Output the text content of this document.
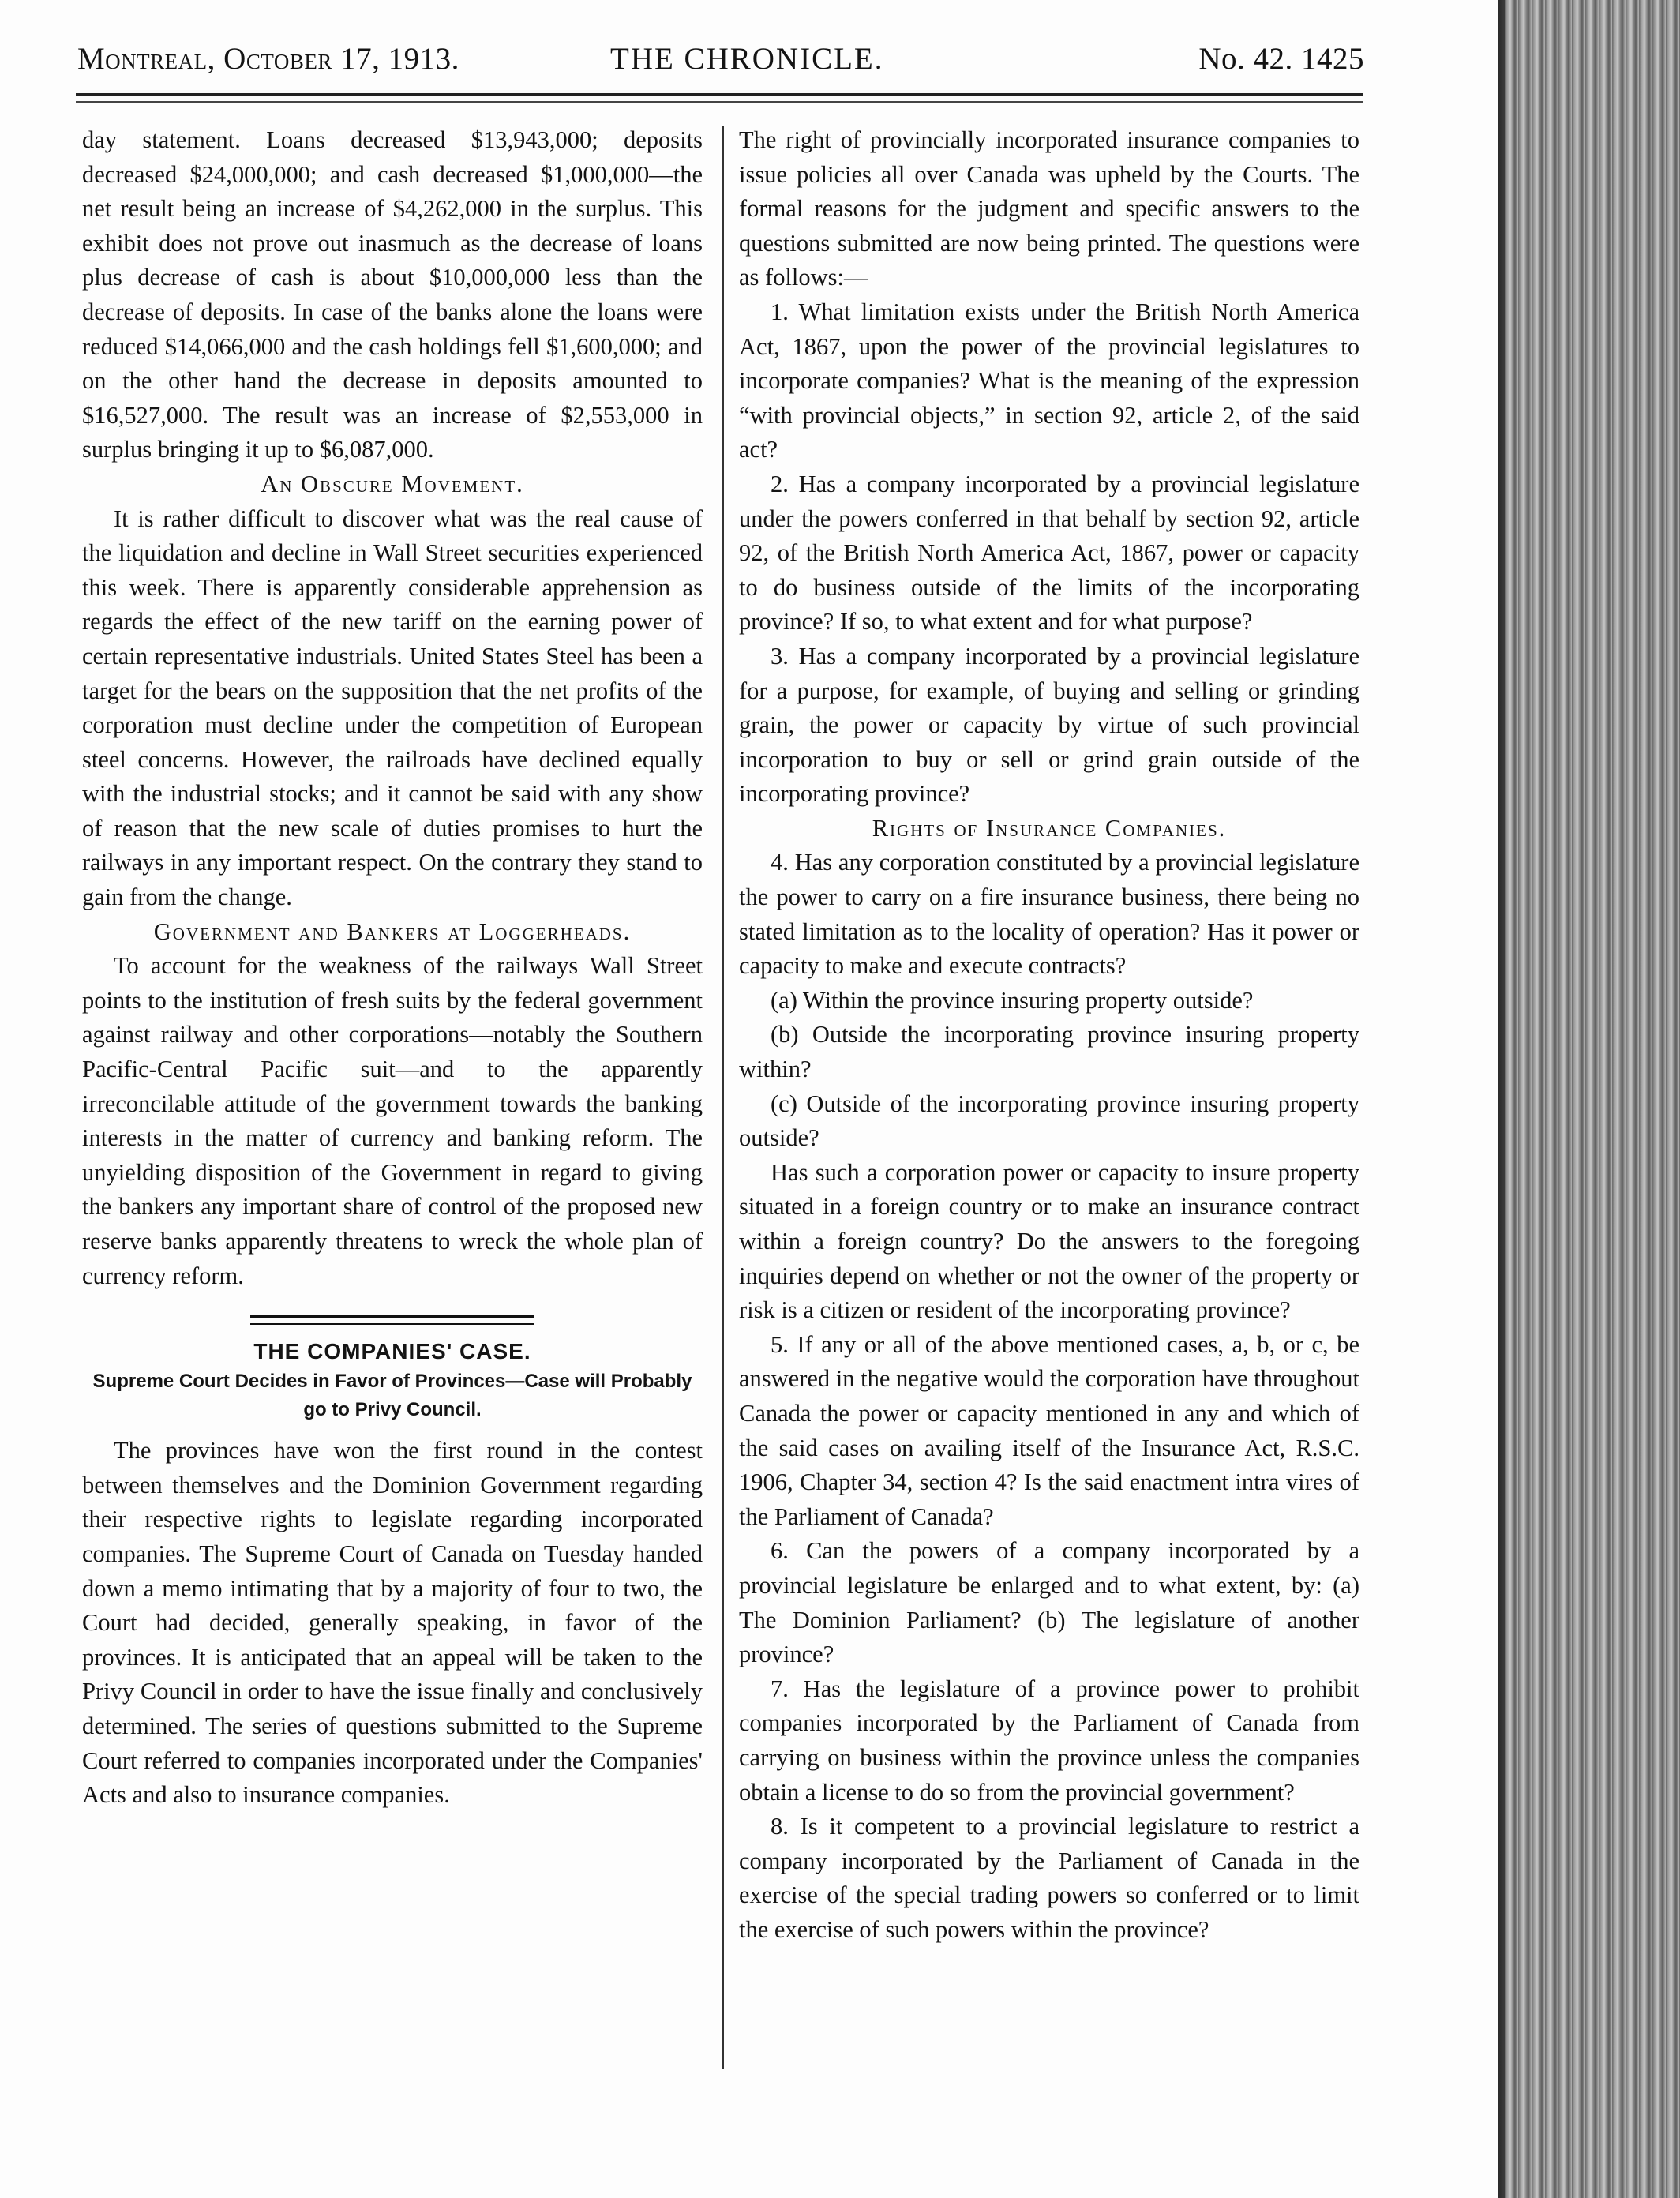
Montreal, October 17, 1913.	THE CHRONICLE.	No. 42. 1425

day statement. Loans decreased $13,943,000; deposits decreased $24,000,000; and cash decreased $1,000,000—the net result being an increase of $4,262,000 in the surplus. This exhibit does not prove out inasmuch as the decrease of loans plus decrease of cash is about $10,000,000 less than the decrease of deposits. In case of the banks alone the loans were reduced $14,066,000 and the cash holdings fell $1,600,000; and on the other hand the decrease in deposits amounted to $16,527,000. The result was an increase of $2,553,000 in surplus bringing it up to $6,087,000.

An Obscure Movement.

It is rather difficult to discover what was the real cause of the liquidation and decline in Wall Street securities experienced this week. There is apparently considerable apprehension as regards the effect of the new tariff on the earning power of certain representative industrials. United States Steel has been a target for the bears on the supposition that the net profits of the corporation must decline under the competition of European steel concerns. However, the railroads have declined equally with the industrial stocks; and it cannot be said with any show of reason that the new scale of duties promises to hurt the railways in any important respect. On the contrary they stand to gain from the change.

Government and Bankers at Loggerheads.

To account for the weakness of the railways Wall Street points to the institution of fresh suits by the federal government against railway and other corporations—notably the Southern Pacific-Central Pacific suit—and to the apparently irreconcilable attitude of the government towards the banking interests in the matter of currency and banking reform. The unyielding disposition of the Government in regard to giving the bankers any important share of control of the proposed new reserve banks apparently threatens to wreck the whole plan of currency reform.

THE COMPANIES' CASE.
Supreme Court Decides in Favor of Provinces—Case will Probably go to Privy Council.

The provinces have won the first round in the contest between themselves and the Dominion Government regarding their respective rights to legislate regarding incorporated companies. The Supreme Court of Canada on Tuesday handed down a memo intimating that by a majority of four to two, the Court had decided, generally speaking, in favor of the provinces. It is anticipated that an appeal will be taken to the Privy Council in order to have the issue finally and conclusively determined. The series of questions submitted to the Supreme Court referred to companies incorporated under the Companies' Acts and also to insurance companies.

The right of provincially incorporated insurance companies to issue policies all over Canada was upheld by the Courts. The formal reasons for the judgment and specific answers to the questions submitted are now being printed. The questions were as follows:—

1. What limitation exists under the British North America Act, 1867, upon the power of the provincial legislatures to incorporate companies? What is the meaning of the expression “with provincial objects,” in section 92, article 2, of the said act?

2. Has a company incorporated by a provincial legislature under the powers conferred in that behalf by section 92, article 92, of the British North America Act, 1867, power or capacity to do business outside of the limits of the incorporating province? If so, to what extent and for what purpose?

3. Has a company incorporated by a provincial legislature for a purpose, for example, of buying and selling or grinding grain, the power or capacity by virtue of such provincial incorporation to buy or sell or grind grain outside of the incorporating province?

Rights of Insurance Companies.

4. Has any corporation constituted by a provincial legislature the power to carry on a fire insurance business, there being no stated limitation as to the locality of operation? Has it power or capacity to make and execute contracts?

(a) Within the province insuring property outside?

(b) Outside the incorporating province insuring property within?

(c) Outside of the incorporating province insuring property outside?

Has such a corporation power or capacity to insure property situated in a foreign country or to make an insurance contract within a foreign country? Do the answers to the foregoing inquiries depend on whether or not the owner of the property or risk is a citizen or resident of the incorporating province?

5. If any or all of the above mentioned cases, a, b, or c, be answered in the negative would the corporation have throughout Canada the power or capacity mentioned in any and which of the said cases on availing itself of the Insurance Act, R.S.C. 1906, Chapter 34, section 4? Is the said enactment intra vires of the Parliament of Canada?

6. Can the powers of a company incorporated by a provincial legislature be enlarged and to what extent, by: (a) The Dominion Parliament? (b) The legislature of another province?

7. Has the legislature of a province power to prohibit companies incorporated by the Parliament of Canada from carrying on business within the province unless the companies obtain a license to do so from the provincial government?

8. Is it competent to a provincial legislature to restrict a company incorporated by the Parliament of Canada in the exercise of the special trading powers so conferred or to limit the exercise of such powers within the province?
